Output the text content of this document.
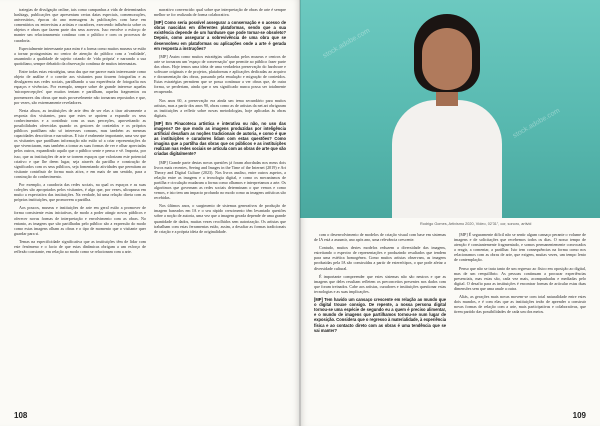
trategias de divulgação online, tais como campanhas a vida de determinados hashtags, publicações que apresentam certas datas especiais, comemorações, aniversários, épocas do ano mensagens às publicações com base em comentários ou entrevistas a artistas e curadores, exercendo influência sobre os objetos e obras que fazem parte dos seus acervos. Isso envolve o esforço de manter um relacionamento contínuo com o público e com os processos de curadoria.

Especialmente interessante para mim é a forma como muitos museus se estão a tornar protagonistas no centro de atenção do público com a 'realidade', assumindo a qualidade de sujeito criando de 'vida própria' e narrando a sua quotidiano, sempre debatido da observação contínua de muitos internautas.

Entre todas estas estratégias, uma das que me parece mais interessante como objeto de análise é o convite aos visitantes para tirarem fotografias e as divulgarem nas redes sociais, partilhando a sua experiência de fotografia nos espaços e vivências. Por exemplo, sempre sobre de grande interesse aquelas 'micropercepções' que muitos tentam e partilham, aquelas fragmentos ou pormenores das obras que mais provavelmente não tornaram repostados e que, por vezes, são extremamente reveladores.

Nesta altura, as instituições de arte têm de ser elas a tirar ativamente a resposta dos visitantes, para que estes se apoiem a expandir os seus conhecimentos e a contribuir com as suas perceções, aproveitando as possibilidades oferecidas quando os gestores de conteúdos e os próprios públicos partilham não só interesses comuns, mas também as mesmas capacidades descritivas e narrativas. E isto é realmente importante, uma vez que os visitantes que partilham informação não estão só a criar representações do que vivenciaram, mas também a tornar as suas formas de ver e olhar apreciadas pelos outros, expandindo aquilo que o público sente e pensa e vê. Importa, por isso, que as instituições de arte se tornem espaços que valorizam este potencial criativo e que lhe deem lugar, seja através da partilha e construção de significados com os seus públicos, seja fomentando atividades que permitam ao visitante contribuir de forma mais ativa, e em mais de um sentido, para a construção do conhecimento.

Por exemplo, a curadoria das redes sociais, na qual os espaços e as suas coleções são apropriados pelos visitantes, é algo que, por vezes, ultrapassa em muito a expectativa das instituições. Na verdade, há uma relação direta com as próprias instituições, que promovem a partilha.

Aos poucos, museus e instituições de arte em geral estão a promover de forma consistente estas iniciativas, de modo a poder atingir novos públicos e oferecer novas formas de interpretação e envolvimento com as obras. No entanto, as imagens que são partilhadas pelo público são a expressão do modo como estas imagens olham as obras e o tipo de momento que o visitante quer guardar para si.

Temas na especificidade significativa que as instituições têm de lidar com este fenómeno e o facto de que estas dinâmicas obrigam a um esforço de reflexão constante, em relação ao modo como se relacionam com a arte.

narrativo convencido: qual sobre que interpretação de obras de arte é sempre melhor se for realizada de forma colaborativa.

[MP] Como seria possível assegurar a conservação e o acesso de obras nascidas em diferentes plataformas, sendo que a sua existência depende de um hardware que pode tornar-se obsoleto? Depois, como assegurar a sobrevivência de uma obra que se desenvolveu em plataformas ou aplicações onde a arte é gerada em resposta a instruções?

[MP] Assim como muitos estratégias utilizadas pelos museus e centros de arte se tornaram um 'espaço de conversação' que permite ao público fazer parte das obras. Hoje temos uma ideia de uma verdadeira preservação do hardware e software originais e de projetos, plataformas e aplicações dedicadas ao arquivo e documentação das obras, passando pela emulação e migração de conteúdos. Estas estratégias permitem que se possa continuar a ver obras que, de outra forma, se perderiam, ainda que o seu significado nunca possa ser totalmente recuperado.

Nos anos 60, a preservação era ainda um tema secundário para muitos artistas, mas a partir dos anos 90, obras como as de artistas da net.art obrigaram as instituições a refletir sobre novas metodologias, hoje aplicadas às obras digitais.

[MP] Em Pinacoteca artística e interativa ou não, no uso das imagens? De que modo as imagens produzidas por inteligência artificial desafiam as noções tradicionais de autoria, e como é que as instituições e curadores lidam com estas questões? Como imagina que a partilha das obras que os públicos e as instituições realizam nas redes sociais se articula com as obras de arte que são criadas digitalmente?

[MP] Grande parte destas novas questões já foram abordadas nos meus dois livros mais recentes, Seeing and Images in the Time of the Internet (2019) e Art Theory and Digital Culture (2023). Nos livros analiso, entre outros aspetos, a relação entre as imagens e a tecnologia digital, e como os mecanismos de partilha e circulação mudaram a forma como olhamos e interpretamos a arte. Os algoritmos que governam as redes sociais determinam o que vemos e como vemos, e isto tem um impacto profundo no modo como as imagens artísticas são recebidas.

Nos últimos anos, o surgimento de sistemas generativos de produção de imagem baseados em IA e o seu rápido crescimento têm levantado questões sobre a noção de autoria, uma vez que a imagem gerada depende de uma grande quantidade de dados, muitas vezes recolhidos sem autorização. Os artistas que trabalham com estas ferramentas estão, assim, a desafiar as formas tradicionais de criação e a própria ideia de originalidade.

108
stock.adobe.com
stock.adobe.com
Rodrigo Gomes, Artivismo 2020, Vídeo, 02'31", cor, sonoro, artivid

com o desenvolvimento de modelos de criação visual com base em sistemas de IA está a assumir, ano após ano, uma relevância crescente.

Contudo, muitos destes modelos reduzem a diversidade das imagens, estreitando o espectro de representações e produzindo resultados que tendem para uma estética homogénea. Como muitos artistas observam, as imagens produzidas pela IA são construídas a partir de estereótipos, o que pode afetar a diversidade cultural.

É importante compreender que estes sistemas não são neutros e que as imagens que deles resultam refletem os preconceitos presentes nos dados com que foram treinados. Cabe aos artistas, curadores e instituições questionar estas tecnologias e as suas implicações.

[MP] Tem havido um cansaço crescente em relação ao mundo que o digital trouxe consigo. De repente, a nossa persona digital tornou-se uma espécie de segundo eu a quem é preciso alimentar, e o mundo de imagens que partilhamos tornou-se num lugar de exposição. Considera que o regresso à materialidade, à experiência física e ao contacto direto com as obras é uma tendência que se vai manter?

[MP] É seguramente difícil não se sentir algum cansaço perante o volume de imagens e de solicitações que recebemos todos os dias. O nosso tempo de atenção é constantemente fragmentado, e somos permanentemente convocados a reagir, a comentar, a partilhar. Isto tem consequências na forma como nos relacionamos com as obras de arte, que exigem, muitas vezes, um tempo lento de contemplação.

Penso que não se trata tanto de um regresso ao físico em oposição ao digital, mas de um reequilíbrio. As pessoas continuam a procurar experiências presenciais, mas estas são, cada vez mais, acompanhadas e mediadas pelo digital. O desafio para as instituições é encontrar formas de articular estas duas dimensões sem que uma anule a outra.

Aliás, as gerações mais novas movem-se com total naturalidade entre estes dois mundos, e é com elas que as instituições terão de aprender a construir novas formas de relação com a arte, mais participativas e colaborativas, que tirem partido das possibilidades de cada um dos meios.

109
